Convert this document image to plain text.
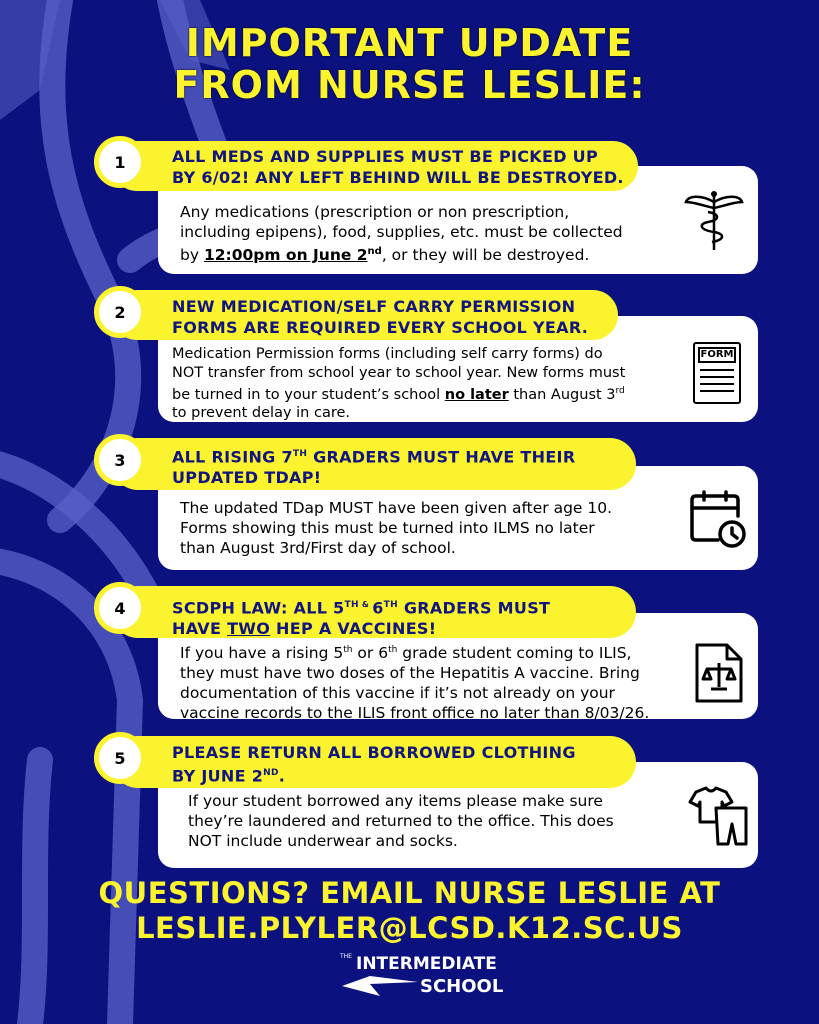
IMPORTANT UPDATE
FROM NURSE LESLIE:
1	ALL MEDS AND SUPPLIES MUST BE PICKED UP
BY 6/02! ANY LEFT BEHIND WILL BE DESTROYED.
Any medications (prescription or non prescription,
including epipens), food, supplies, etc. must be collected
by 12:00pm on June 2nd, or they will be destroyed.
2	NEW MEDICATION/SELF CARRY PERMISSION
FORMS ARE REQUIRED EVERY SCHOOL YEAR.
Medication Permission forms (including self carry forms) do
NOT transfer from school year to school year. New forms must
be turned in to your student’s school no later than August 3rd
to prevent delay in care.
FORM
3	ALL RISING 7TH GRADERS MUST HAVE THEIR
UPDATED TDAP!
The updated TDap MUST have been given after age 10.
Forms showing this must be turned into ILMS no later
than August 3rd/First day of school.
4	SCDPH LAW: ALL 5TH & 6TH GRADERS MUST
HAVE TWO HEP A VACCINES!
If you have a rising 5th or 6th grade student coming to ILIS,
they must have two doses of the Hepatitis A vaccine. Bring
documentation of this vaccine if it’s not already on your
vaccine records to the ILIS front office no later than 8/03/26.
5	PLEASE RETURN ALL BORROWED CLOTHING
BY JUNE 2ND.
If your student borrowed any items please make sure
they’re laundered and returned to the office. This does
NOT include underwear and socks.
QUESTIONS? EMAIL NURSE LESLIE AT
LESLIE.PLYLER@LCSD.K12.SC.US
THE INTERMEDIATE
SCHOOL
